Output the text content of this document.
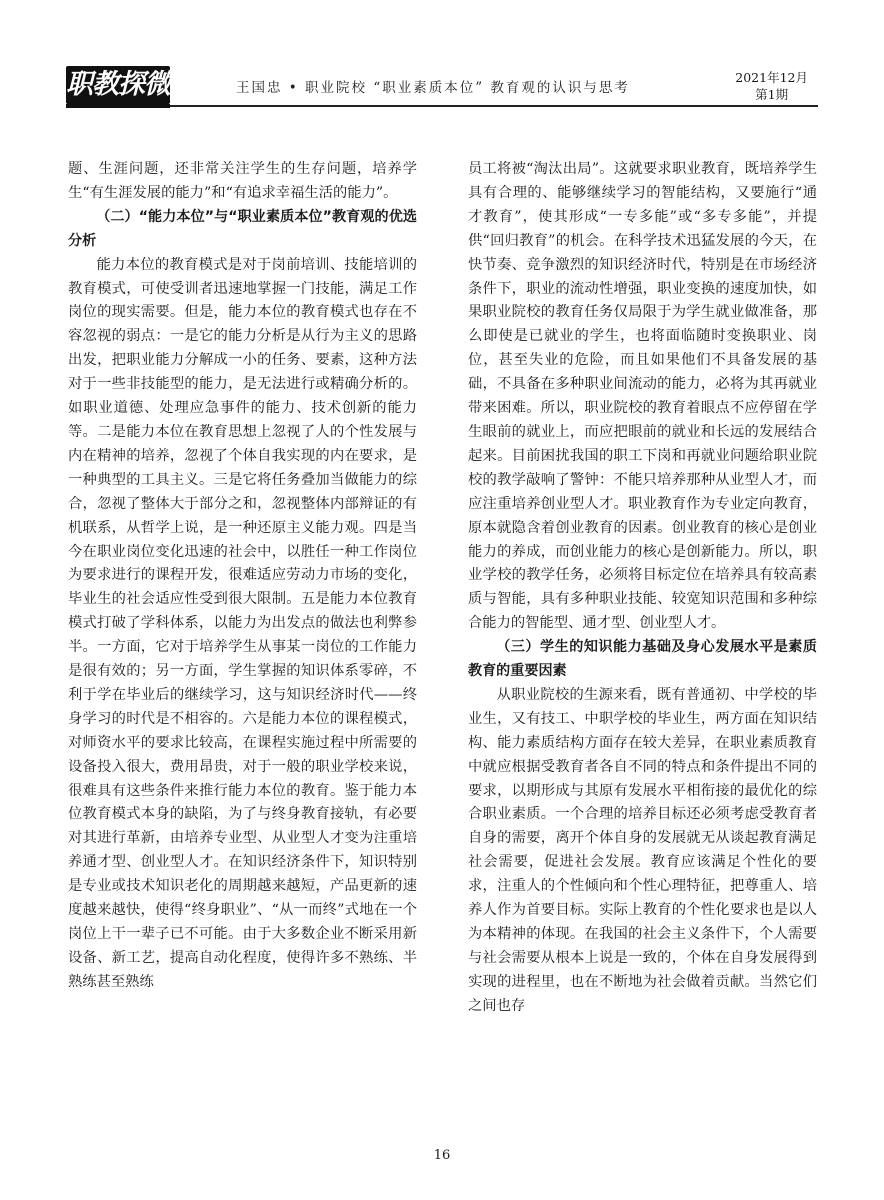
职教探微	王国忠 • 职业院校 “职业素质本位” 教育观的认识与思考
2021年12月
第1期

题、生涯问题，还非常关注学生的生存问题，培养学生“有生涯发展的能力”和“有追求幸福生活的能力”。

（二）“能力本位”与“职业素质本位”教育观的优选分析

能力本位的教育模式是对于岗前培训、技能培训的教育模式，可使受训者迅速地掌握一门技能，满足工作岗位的现实需要。但是，能力本位的教育模式也存在不容忽视的弱点：一是它的能力分析是从行为主义的思路出发，把职业能力分解成一小的任务、要素，这种方法对于一些非技能型的能力，是无法进行或精确分析的。如职业道德、处理应急事件的能力、技术创新的能力等。二是能力本位在教育思想上忽视了人的个性发展与内在精神的培养，忽视了个体自我实现的内在要求，是一种典型的工具主义。三是它将任务叠加当做能力的综合，忽视了整体大于部分之和，忽视整体内部辩证的有机联系，从哲学上说，是一种还原主义能力观。四是当今在职业岗位变化迅速的社会中，以胜任一种工作岗位为要求进行的课程开发，很难适应劳动力市场的变化，毕业生的社会适应性受到很大限制。五是能力本位教育模式打破了学科体系，以能力为出发点的做法也利弊参半。一方面，它对于培养学生从事某一岗位的工作能力是很有效的；另一方面，学生掌握的知识体系零碎，不利于学在毕业后的继续学习，这与知识经济时代——终身学习的时代是不相容的。六是能力本位的课程模式，对师资水平的要求比较高，在课程实施过程中所需要的设备投入很大，费用昂贵，对于一般的职业学校来说，很难具有这些条件来推行能力本位的教育。鉴于能力本位教育模式本身的缺陷，为了与终身教育接轨，有必要对其进行革新，由培养专业型、从业型人才变为注重培养通才型、创业型人才。在知识经济条件下，知识特别是专业或技术知识老化的周期越来越短，产品更新的速度越来越快，使得“终身职业”、“从一而终”式地在一个岗位上干一辈子已不可能。由于大多数企业不断采用新设备、新工艺，提高自动化程度，使得许多不熟练、半熟练甚至熟练

员工将被“淘汰出局”。这就要求职业教育，既培养学生具有合理的、能够继续学习的智能结构，又要施行“通才教育”，使其形成“一专多能”或“多专多能”，并提供“回归教育”的机会。在科学技术迅猛发展的今天，在快节奏、竞争激烈的知识经济时代，特别是在市场经济条件下，职业的流动性增强，职业变换的速度加快，如果职业院校的教育任务仅局限于为学生就业做准备，那么即使是已就业的学生，也将面临随时变换职业、岗位，甚至失业的危险，而且如果他们不具备发展的基础，不具备在多种职业间流动的能力，必将为其再就业带来困难。所以，职业院校的教育着眼点不应停留在学生眼前的就业上，而应把眼前的就业和长远的发展结合起来。目前困扰我国的职工下岗和再就业问题给职业院校的教学敲响了警钟：不能只培养那种从业型人才，而应注重培养创业型人才。职业教育作为专业定向教育，原本就隐含着创业教育的因素。创业教育的核心是创业能力的养成，而创业能力的核心是创新能力。所以，职业学校的教学任务，必须将目标定位在培养具有较高素质与智能，具有多种职业技能、较宽知识范围和多种综合能力的智能型、通才型、创业型人才。

（三）学生的知识能力基础及身心发展水平是素质教育的重要因素

从职业院校的生源来看，既有普通初、中学校的毕业生，又有技工、中职学校的毕业生，两方面在知识结构、能力素质结构方面存在较大差异，在职业素质教育中就应根据受教育者各自不同的特点和条件提出不同的要求，以期形成与其原有发展水平相衔接的最优化的综合职业素质。一个合理的培养目标还必须考虑受教育者自身的需要，离开个体自身的发展就无从谈起教育满足社会需要，促进社会发展。教育应该满足个性化的要求，注重人的个性倾向和个性心理特征，把尊重人、培养人作为首要目标。实际上教育的个性化要求也是以人为本精神的体现。在我国的社会主义条件下，个人需要与社会需要从根本上说是一致的，个体在自身发展得到实现的进程里，也在不断地为社会做着贡献。当然它们之间也存

16
